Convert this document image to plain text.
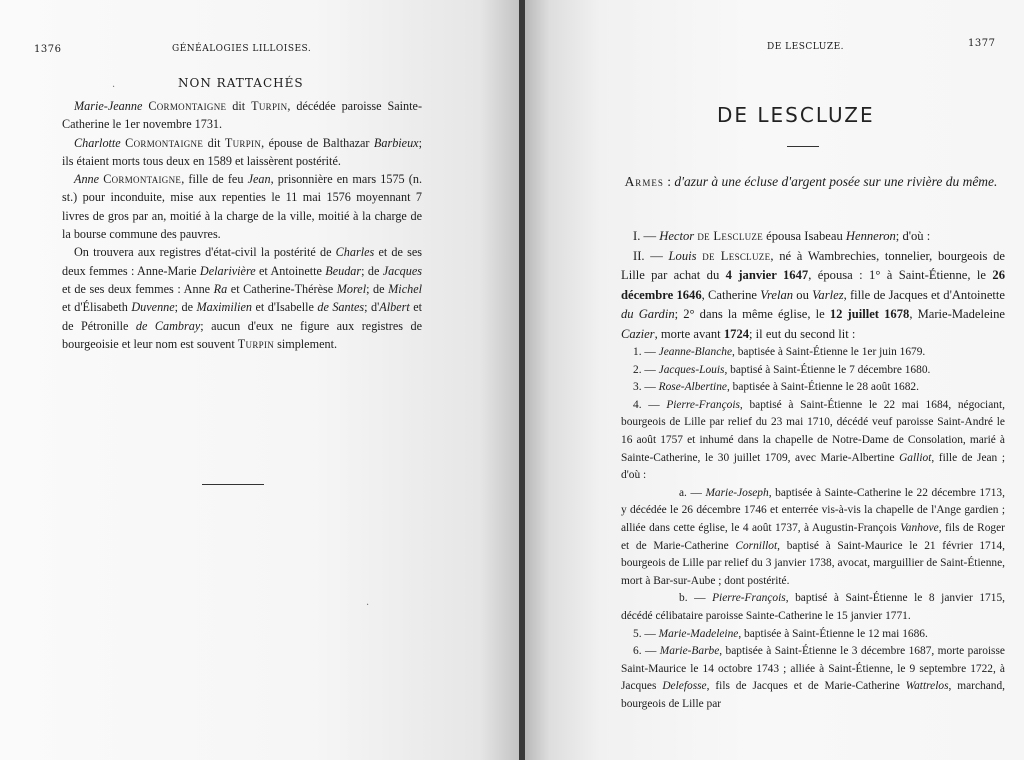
1376	GÉNÉALOGIES LILLOISES.
NON RATTACHÉS

Marie-Jeanne Cormontaigne dit Turpin, décédée paroisse Sainte-Catherine le 1er novembre 1731.

Charlotte Cormontaigne dit Turpin, épouse de Balthazar Barbieux; ils étaient morts tous deux en 1589 et laissèrent postérité.

Anne Cormontaigne, fille de feu Jean, prisonnière en mars 1575 (n. st.) pour inconduite, mise aux repenties le 11 mai 1576 moyennant 7 livres de gros par an, moitié à la charge de la ville, moitié à la charge de la bourse commune des pauvres.

On trouvera aux registres d'état-civil la postérité de Charles et de ses deux femmes : Anne-Marie Delarivière et Antoinette Beudar; de Jacques et de ses deux femmes : Anne Ra et Catherine-Thérèse Morel; de Michel et d'Élisabeth Duvenne; de Maximilien et d'Isabelle de Santes; d'Albert et de Pétronille de Cambray; aucun d'eux ne figure aux registres de bourgeoisie et leur nom est souvent Turpin simplement.

·
·
DE LESCLUZE.	1377
DE LESCLUZE
Armes : d'azur à une écluse d'argent posée sur une rivière du même.

I. — Hector de Lescluze épousa Isabeau Henneron; d'où :

II. — Louis de Lescluze, né à Wambrechies, tonnelier, bourgeois de Lille par achat du 4 janvier 1647, épousa : 1° à Saint-Étienne, le 26 décembre 1646, Catherine Vrelan ou Varlez, fille de Jacques et d'Antoinette du Gardin; 2° dans la même église, le 12 juillet 1678, Marie-Madeleine Cazier, morte avant 1724; il eut du second lit :

1. — Jeanne-Blanche, baptisée à Saint-Étienne le 1er juin 1679.

2. — Jacques-Louis, baptisé à Saint-Étienne le 7 décembre 1680.

3. — Rose-Albertine, baptisée à Saint-Étienne le 28 août 1682.

4. — Pierre-François, baptisé à Saint-Étienne le 22 mai 1684, négociant, bourgeois de Lille par relief du 23 mai 1710, décédé veuf paroisse Saint-André le 16 août 1757 et inhumé dans la chapelle de Notre-Dame de Consolation, marié à Sainte-Catherine, le 30 juillet 1709, avec Marie-Albertine Galliot, fille de Jean ; d'où :

a. — Marie-Joseph, baptisée à Sainte-Catherine le 22 décembre 1713, y décédée le 26 décembre 1746 et enterrée vis-à-vis la chapelle de l'Ange gardien ; alliée dans cette église, le 4 août 1737, à Augustin-François Vanhove, fils de Roger et de Marie-Catherine Cornillot, baptisé à Saint-Maurice le 21 février 1714, bourgeois de Lille par relief du 3 janvier 1738, avocat, marguillier de Saint-Étienne, mort à Bar-sur-Aube ; dont postérité.

b. — Pierre-François, baptisé à Saint-Étienne le 8 janvier 1715, décédé célibataire paroisse Sainte-Catherine le 15 janvier 1771.

5. — Marie-Madeleine, baptisée à Saint-Étienne le 12 mai 1686.

6. — Marie-Barbe, baptisée à Saint-Étienne le 3 décembre 1687, morte paroisse Saint-Maurice le 14 octobre 1743 ; alliée à Saint-Étienne, le 9 septembre 1722, à Jacques Delefosse, fils de Jacques et de Marie-Catherine Wattrelos, marchand, bourgeois de Lille par
